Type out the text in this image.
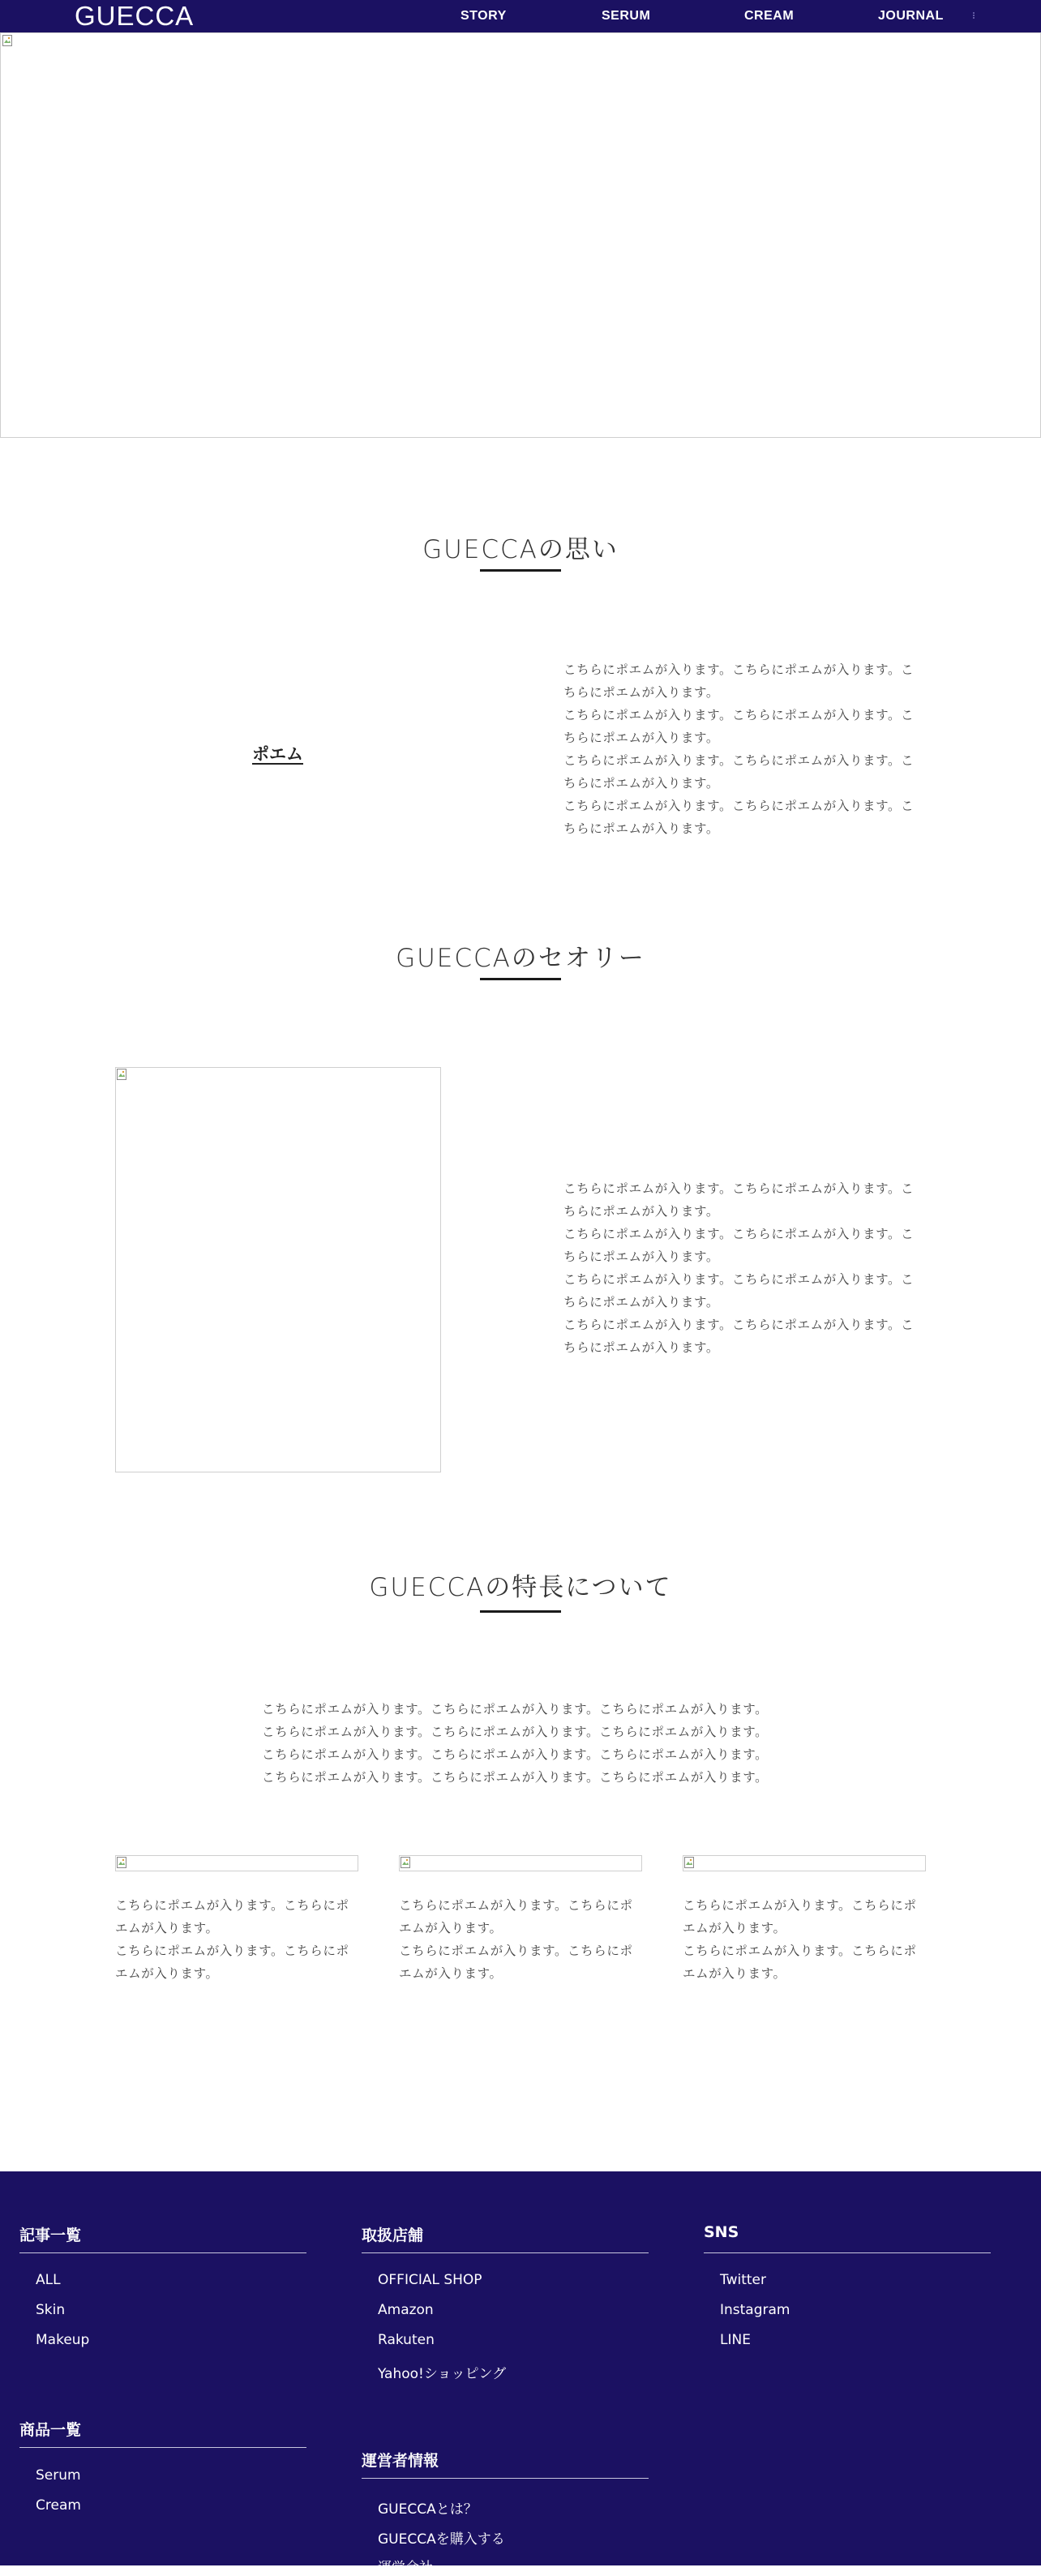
GUECCA	STORY	SERUM	CREAM	JOURNAL
GUECCAの思い
ポエム
こちらにポエムが入ります。こちらにポエムが入ります。こ
ちらにポエムが入ります。
こちらにポエムが入ります。こちらにポエムが入ります。こ
ちらにポエムが入ります。
こちらにポエムが入ります。こちらにポエムが入ります。こ
ちらにポエムが入ります。
こちらにポエムが入ります。こちらにポエムが入ります。こ
ちらにポエムが入ります。
GUECCAのセオリー
こちらにポエムが入ります。こちらにポエムが入ります。こ
ちらにポエムが入ります。
こちらにポエムが入ります。こちらにポエムが入ります。こ
ちらにポエムが入ります。
こちらにポエムが入ります。こちらにポエムが入ります。こ
ちらにポエムが入ります。
こちらにポエムが入ります。こちらにポエムが入ります。こ
ちらにポエムが入ります。
GUECCAの特長について
こちらにポエムが入ります。こちらにポエムが入ります。こちらにポエムが入ります。
こちらにポエムが入ります。こちらにポエムが入ります。こちらにポエムが入ります。
こちらにポエムが入ります。こちらにポエムが入ります。こちらにポエムが入ります。
こちらにポエムが入ります。こちらにポエムが入ります。こちらにポエムが入ります。
こちらにポエムが入ります。こちらにポ
エムが入ります。
こちらにポエムが入ります。こちらにポ
エムが入ります。
こちらにポエムが入ります。こちらにポ
エムが入ります。
こちらにポエムが入ります。こちらにポ
エムが入ります。
こちらにポエムが入ります。こちらにポ
エムが入ります。
こちらにポエムが入ります。こちらにポ
エムが入ります。
記事一覧
ALL
Skin
Makeup
商品一覧
Serum
Cream
取扱店舗
OFFICIAL SHOP
Amazon
Rakuten
Yahoo!ショッピング
運営者情報
GUECCAとは？
GUECCAを購入する
運営会社
SNS
Twitter
Instagram
LINE
